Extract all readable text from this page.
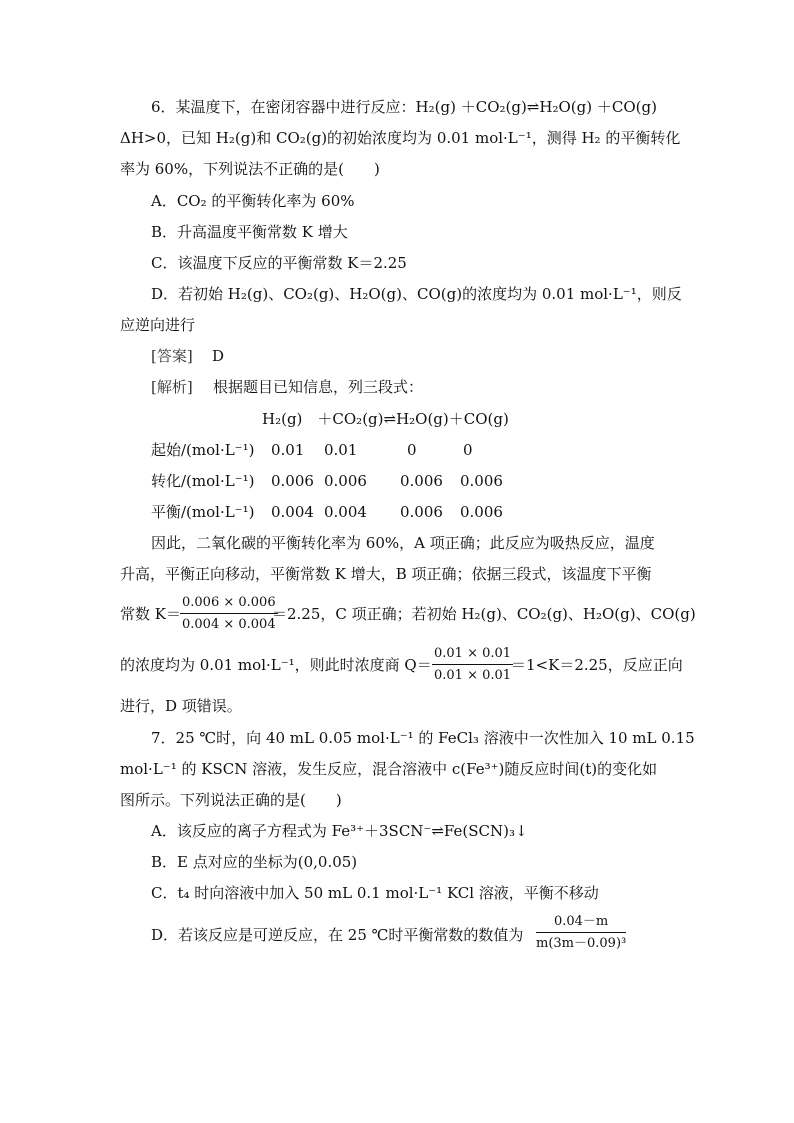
6．某温度下，在密闭容器中进行反应：H₂(g) ＋CO₂(g)⇌H₂O(g) ＋CO(g)
ΔH>0，已知 H₂(g)和 CO₂(g)的初始浓度均为 0.01 mol·L⁻¹，测得 H₂ 的平衡转化
率为 60%，下列说法不正确的是(　　)
A．CO₂ 的平衡转化率为 60%
B．升高温度平衡常数 K 增大
C．该温度下反应的平衡常数 K＝2.25
D．若初始 H₂(g)、CO₂(g)、H₂O(g)、CO(g)的浓度均为 0.01 mol·L⁻¹，则反
应逆向进行
[答案] D
[解析] 根据题目已知信息，列三段式：
H₂(g)　＋CO₂(g)⇌H₂O(g)＋CO(g)
起始/(mol·L⁻¹) 0.01 0.01	0	0
转化/(mol·L⁻¹) 0.006 0.006 0.006 0.006
平衡/(mol·L⁻¹) 0.004 0.004 0.006 0.006
因此，二氧化碳的平衡转化率为 60%，A 项正确；此反应为吸热反应，温度
升高，平衡正向移动，平衡常数 K 增大，B 项正确；依据三段式，该温度下平衡
常数 $K= \frac{0.006 \times 0.006}{0.004 \times 0.004}$
＝2.25，C 项正确；若初始 H₂(g)、CO₂(g)、H₂O(g)、CO(g)
的浓度均为 0.01 mol·L⁻¹，则此时浓度商 $Q= \frac{0.01 \times 0.01}{0.01 \times 0.01}$
＝1<K＝2.25，反应正向
进行，D 项错误。
7．25 ℃时，向 40 mL 0.05 mol·L⁻¹ 的 FeCl₃ 溶液中一次性加入 10 mL 0.15
mol·L⁻¹ 的 KSCN 溶液，发生反应，混合溶液中 c(Fe³⁺)随反应时间(t)的变化如
图所示。下列说法正确的是(　　)
A．该反应的离子方程式为 Fe³⁺＋3SCN⁻⇌Fe(SCN)₃↓
B．E 点对应的坐标为(0,0.05)
C．t₄ 时向溶液中加入 50 mL 0.1 mol·L⁻¹ KCl 溶液，平衡不移动
D．若该反应是可逆反应，在 25 ℃时平衡常数的数值为 $\frac{0.04-m}{\text{m(3m－0.09)³}}$
